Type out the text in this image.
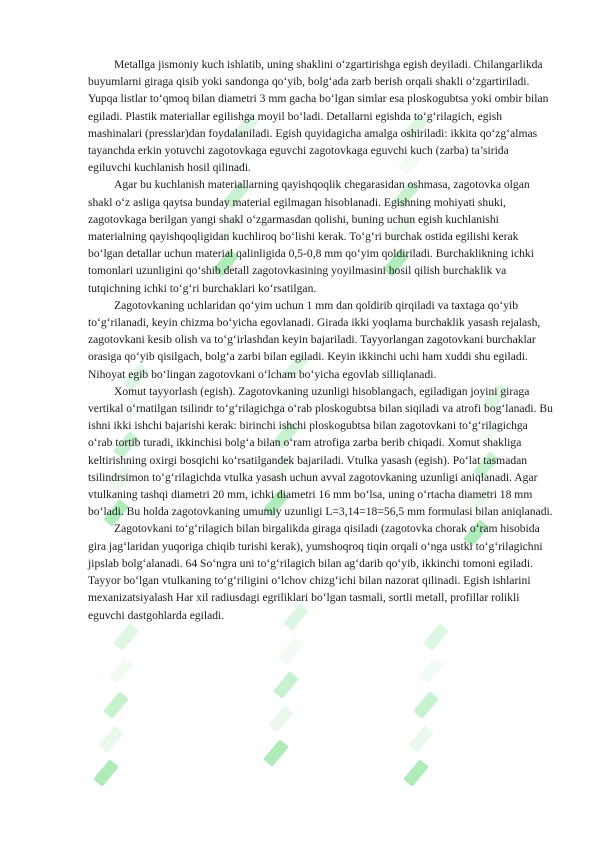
Metallga jismoniy kuch ishlatib, uning shaklini o‘zgartirishga egish deyiladi. Chilangarlikda buyumlarni giraga qisib yoki sandonga qo‘yib, bolg‘ada zarb berish orqali shakli o‘zgartiriladi. Yupqa listlar to‘qmoq bilan diametri 3 mm gacha bo‘lgan simlar esa ploskogubtsa yoki ombir bilan egiladi. Plastik materiallar egilishga moyil bo‘ladi. Detallarni egishda to‘g‘rilagich, egish mashinalari (presslar)dan foydalaniladi. Egish quyidagicha amalga oshiriladi: ikkita qo‘zg‘almas tayanchda erkin yotuvchi zagotovkaga eguvchi zagotovkaga eguvchi kuch (zarba) ta’sirida egiluvchi kuchlanish hosil qilinadi.

Agar bu kuchlanish materiallarning qayishqoqlik chegarasidan oshmasa, zagotovka olgan shakl o‘z asliga qaytsa bunday material egilmagan hisoblanadi. Egishning mohiyati shuki, zagotovkaga berilgan yangi shakl o‘zgarmasdan qolishi, buning uchun egish kuchlanishi materialning qayishqoqligidan kuchliroq bo‘lishi kerak. To‘g‘ri burchak ostida egilishi kerak bo‘lgan detallar uchun material qalinligida 0,5-0,8 mm qo‘yim qoldiriladi. Burchaklikning ichki tomonlari uzunligini qo‘shib detall zagotovkasining yoyilmasini hosil qilish burchaklik va tutqichning ichki to‘g‘ri burchaklari ko‘rsatilgan.

Zagotovkaning uchlaridan qo‘yim uchun 1 mm dan qoldirib qirqiladi va taxtaga qo‘yib to‘g‘rilanadi, keyin chizma bo‘yicha egovlanadi. Girada ikki yoqlama burchaklik yasash rejalash, zagotovkani kesib olish va to‘g‘irlashdan keyin bajariladi. Tayyorlangan zagotovkani burchaklar orasiga qo‘yib qisilgach, bolg‘a zarbi bilan egiladi. Keyin ikkinchi uchi ham xuddi shu egiladi. Nihoyat egib bo‘lingan zagotovkani o‘lcham bo‘yicha egovlab silliqlanadi.

Xomut tayyorlash (egish). Zagotovkaning uzunligi hisoblangach, egiladigan joyini giraga vertikal o‘rnatilgan tsilindr to‘g‘rilagichga o‘rab ploskogubtsa bilan siqiladi va atrofi bog‘lanadi. Bu ishni ikki ishchi bajarishi kerak: birinchi ishchi ploskogubtsa bilan zagotovkani to‘g‘rilagichga o‘rab tortib turadi, ikkinchisi bolg‘a bilan o‘ram atrofiga zarba berib chiqadi. Xomut shakliga keltirishning oxirgi bosqichi ko‘rsatilgandek bajariladi. Vtulka yasash (egish). Po‘lat tasmadan tsilindrsimon to‘g‘rilagichda vtulka yasash uchun avval zagotovkaning uzunligi aniqlanadi. Agar vtulkaning tashqi diametri 20 mm, ichki diametri 16 mm bo‘lsa, uning o‘rtacha diametri 18 mm bo‘ladi. Bu holda zagotovkaning umumiy uzunligi L=3,14=18=56,5 mm formulasi bilan aniqlanadi.

Zagotovkani to‘g‘rilagich bilan birgalikda giraga qisiladi (zagotovka chorak o‘ram hisobida gira jag‘laridan yuqoriga chiqib turishi kerak), yumshoqroq tiqin orqali o‘nga ustki to‘g‘rilagichni jipslab bolg‘alanadi. 64 So‘ngra uni to‘g‘rilagich bilan ag‘darib qo‘yib, ikkinchi tomoni egiladi. Tayyor bo‘lgan vtulkaning to‘g‘riligini o‘lchov chizg‘ichi bilan nazorat qilinadi. Egish ishlarini mexanizatsiyalash Har xil radiusdagi egriliklari bo‘lgan tasmali, sortli metall, profillar rolikli eguvchi dastgohlarda egiladi.
